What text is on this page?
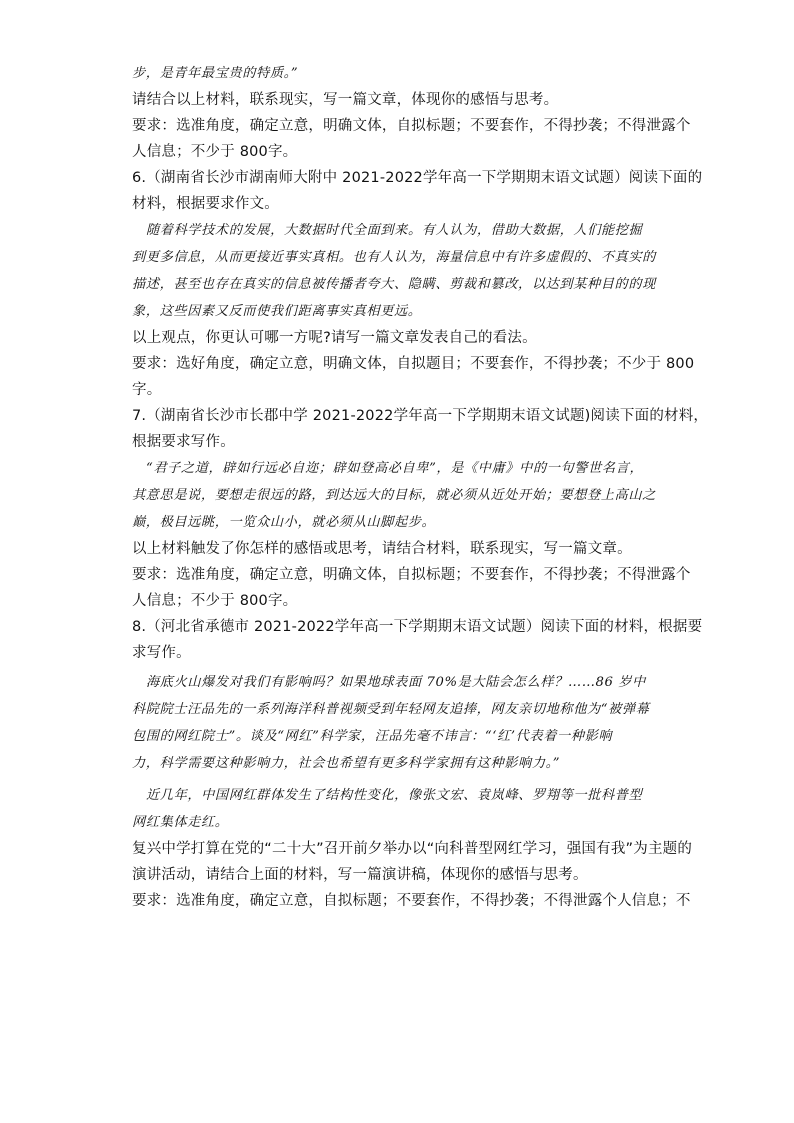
步，是青年最宝贵的特质。”
请结合以上材料，联系现实，写一篇文章，体现你的感悟与思考。
要求：选准角度，确定立意，明确文体，自拟标题；不要套作，不得抄袭；不得泄露个
人信息；不少于 800字。
6.（湖南省长沙市湖南师大附中 2021-2022学年高一下学期期末语文试题）阅读下面的
材料，根据要求作文。
随着科学技术的发展，大数据时代全面到来。有人认为，借助大数据，人们能挖掘
到更多信息，从而更接近事实真相。也有人认为，海量信息中有许多虚假的、不真实的
描述，甚至也存在真实的信息被传播者夸大、隐瞒、剪裁和篡改，以达到某种目的的现
象，这些因素又反而使我们距离事实真相更远。
以上观点，你更认可哪一方呢?请写一篇文章发表自己的看法。
要求：选好角度，确定立意，明确文体，自拟题目；不要套作，不得抄袭；不少于 800
字。
7.（湖南省长沙市长郡中学 2021-2022学年高一下学期期末语文试题)阅读下面的材料，
根据要求写作。
“君子之道，辟如行远必自迩；辟如登高必自卑”，是《中庸》中的一句警世名言，
其意思是说，要想走很远的路，到达远大的目标，就必须从近处开始；要想登上高山之
巅，极目远眺，一览众山小，就必须从山脚起步。
以上材料触发了你怎样的感悟或思考，请结合材料，联系现实，写一篇文章。
要求：选准角度，确定立意，明确文体，自拟标题；不要套作，不得抄袭；不得泄露个
人信息；不少于 800字。
8.（河北省承德市 2021-2022学年高一下学期期末语文试题）阅读下面的材料，根据要
求写作。
海底火山爆发对我们有影响吗？如果地球表面 70%是大陆会怎么样？……86 岁中
科院院士汪品先的一系列海洋科普视频受到年轻网友追捧，网友亲切地称他为“被弹幕
包围的网红院士”。谈及“网红”科学家，汪品先毫不讳言：“‘红’代表着一种影响
力，科学需要这种影响力，社会也希望有更多科学家拥有这种影响力。”
近几年，中国网红群体发生了结构性变化，像张文宏、袁岚峰、罗翔等一批科普型
网红集体走红。
复兴中学打算在党的“二十大”召开前夕举办以“向科普型网红学习，强国有我”为主题的
演讲活动，请结合上面的材料，写一篇演讲稿，体现你的感悟与思考。
要求：选准角度，确定立意，自拟标题；不要套作，不得抄袭；不得泄露个人信息；不
